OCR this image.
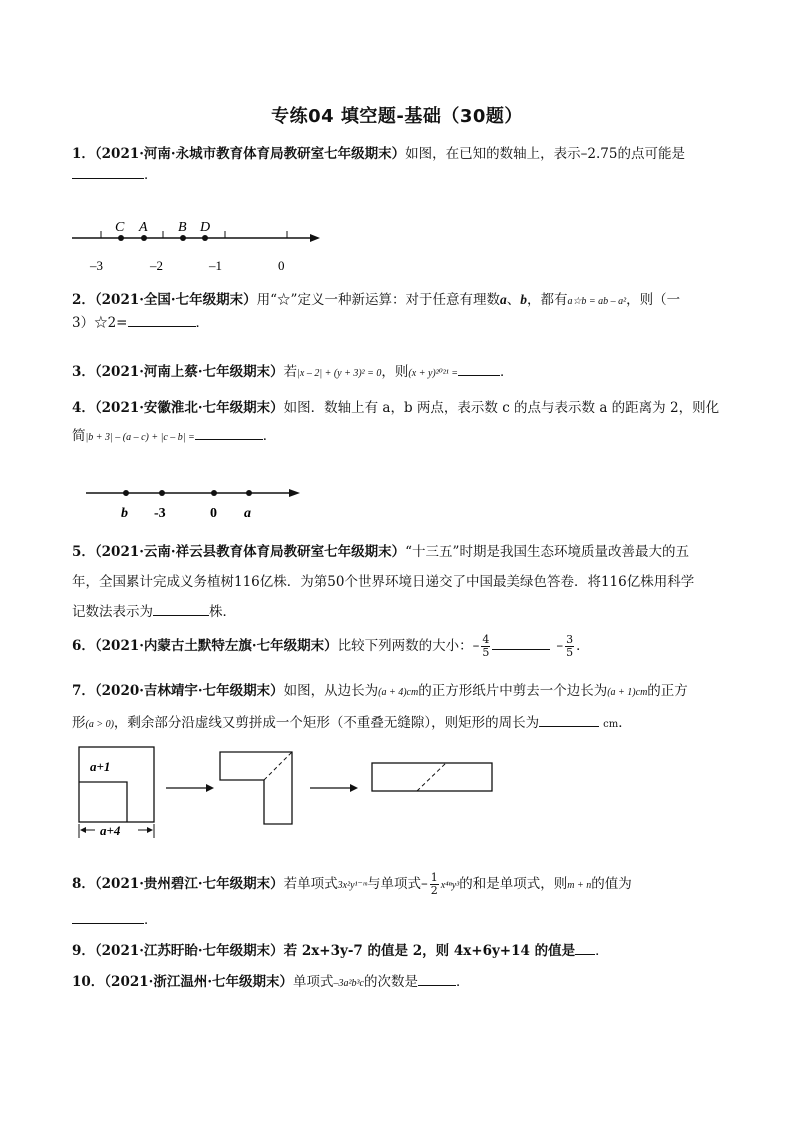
专练04 填空题-基础（30题）
1．（2021·河南·永城市教育体育局教研室七年级期末）如图，在已知的数轴上，表示–2.75的点可能是
．
C A B D
–3	–2	–1	0
2．（2021·全国·七年级期末）用“☆”定义一种新运算：对于任意有理数a、b，都有a☆b = ab – a²，则（一
3）☆2=	．
3．（2021·河南上蔡·七年级期末）若|x – 2| + (y + 3)² = 0，则(x + y)²⁰²¹ =	．
4．（2021·安徽淮北·七年级期末）如图．数轴上有 a，b 两点，表示数 c 的点与表示数 a 的距离为 2，则化
简|b + 3| – (a – c) + |c – b| =	．
b -3	0 a
5．（2021·云南·祥云县教育体育局教研室七年级期末）“十三五”时期是我国生态环境质量改善最大的五
年，全国累计完成义务植树116亿株．为第50个世界环境日递交了中国最美绿色答卷．将116亿株用科学
记数法表示为	株．
6．（2021·内蒙古土默特左旗·七年级期末）比较下列两数的大小：– $\frac{4}{5}$	– $\frac{3}{5}$ ．
7．（2020·吉林靖宇·七年级期末）如图，从边长为(a + 4)cm的正方形纸片中剪去一个边长为(a + 1)cm的正方
形(a > 0)，剩余部分沿虚线又剪拼成一个矩形（不重叠无缝隙），则矩形的周长为	cm．
a+1
a+4
8．（2021·贵州碧江·七年级期末）若单项式3x²y¹⁻ᵐ与单项式– $\frac{1}{2} x^{4n}y^3$的和是单项式，则m + n的值为
．
9．（2021·江苏盱眙·七年级期末）若 2x+3y-7 的值是 2，则 4x+6y+14 的值是 ．
10．（2021·浙江温州·七年级期末）单项式–3a²b³c的次数是	．
